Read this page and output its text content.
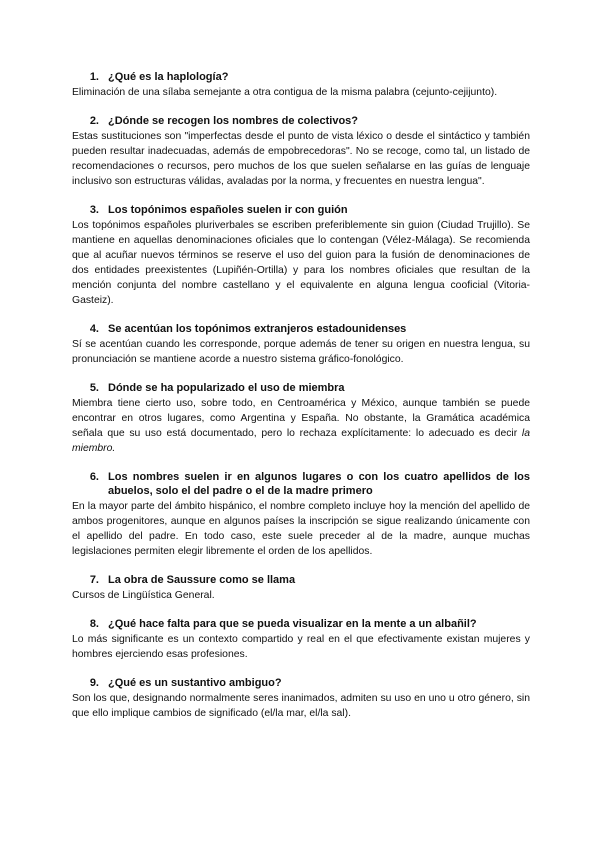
1. ¿Qué es la haplología?

Eliminación de una sílaba semejante a otra contigua de la misma palabra (cejunto-cejijunto).

2. ¿Dónde se recogen los nombres de colectivos?

Estas sustituciones son "imperfectas desde el punto de vista léxico o desde el sintáctico y también pueden resultar inadecuadas, además de empobrecedoras". No se recoge, como tal, un listado de recomendaciones o recursos, pero muchos de los que suelen señalarse en las guías de lenguaje inclusivo son estructuras válidas, avaladas por la norma, y frecuentes en nuestra lengua".

3. Los topónimos españoles suelen ir con guión

Los topónimos españoles pluriverbales se escriben preferiblemente sin guion (Ciudad Trujillo). Se mantiene en aquellas denominaciones oficiales que lo contengan (Vélez-Málaga). Se recomienda que al acuñar nuevos términos se reserve el uso del guion para la fusión de denominaciones de dos entidades preexistentes (Lupiñén-Ortilla) y para los nombres oficiales que resultan de la mención conjunta del nombre castellano y el equivalente en alguna lengua cooficial (Vitoria-Gasteiz).

4. Se acentúan los topónimos extranjeros estadounidenses

Sí se acentúan cuando les corresponde, porque además de tener su origen en nuestra lengua, su pronunciación se mantiene acorde a nuestro sistema gráfico-fonológico.

5. Dónde se ha popularizado el uso de miembra

Miembra tiene cierto uso, sobre todo, en Centroamérica y México, aunque también se puede encontrar en otros lugares, como Argentina y España. No obstante, la Gramática académica señala que su uso está documentado, pero lo rechaza explícitamente: lo adecuado es decir la miembro.

6. Los nombres suelen ir en algunos lugares o con los cuatro apellidos de los abuelos, solo el del padre o el de la madre primero

En la mayor parte del ámbito hispánico, el nombre completo incluye hoy la mención del apellido de ambos progenitores, aunque en algunos países la inscripción se sigue realizando únicamente con el apellido del padre. En todo caso, este suele preceder al de la madre, aunque muchas legislaciones permiten elegir libremente el orden de los apellidos.

7. La obra de Saussure como se llama

Cursos de Lingüística General.

8. ¿Qué hace falta para que se pueda visualizar en la mente a un albañil?

Lo más significante es un contexto compartido y real en el que efectivamente existan mujeres y hombres ejerciendo esas profesiones.

9. ¿Qué es un sustantivo ambiguo?

Son los que, designando normalmente seres inanimados, admiten su uso en uno u otro género, sin que ello implique cambios de significado (el/la mar, el/la sal).
